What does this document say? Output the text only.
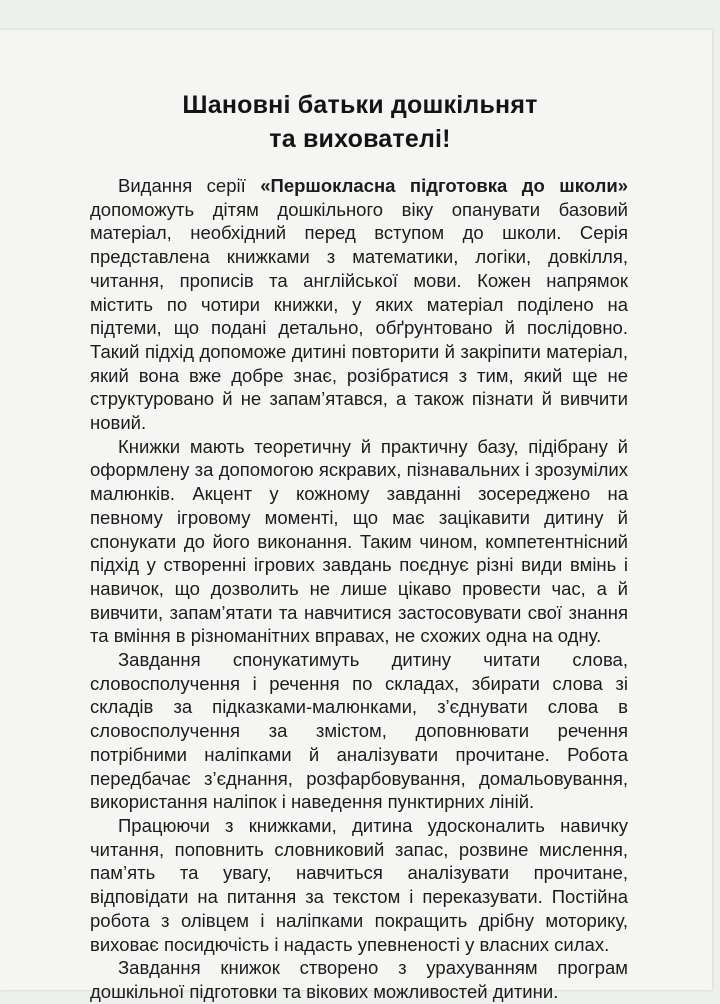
Шановні батьки дошкільнят
та вихователі!

Видання серії «Першокласна підготовка до школи» допоможуть дітям дошкільного віку опанувати базовий матеріал, необхідний перед вступом до школи. Серія представлена книжками з математики, логіки, довкілля, читання, прописів та англійської мови. Кожен напрямок містить по чотири книжки, у яких матеріал поділено на підтеми, що подані детально, обґрунтовано й послідовно. Такий підхід допоможе дитині повторити й закріпити матеріал, який вона вже добре знає, розібратися з тим, який ще не структуровано й не запам’ятався, а також пізнати й вивчити новий.

Книжки мають теоретичну й практичну базу, підібрану й оформлену за допомогою яскравих, пізнавальних і зрозумілих малюнків. Акцент у кожному завданні зосереджено на певному ігровому моменті, що має зацікавити дитину й спонукати до його виконання. Таким чином, компетентнісний підхід у створенні ігрових завдань поєднує різні види вмінь і навичок, що дозволить не лише цікаво провести час, а й вивчити, запам’ятати та навчитися застосовувати свої знання та вміння в різноманітних вправах, не схожих одна на одну.

Завдання спонукатимуть дитину читати слова, словосполучення і речення по складах, збирати слова зі складів за підказками-малюнками, з’єднувати слова в словосполучення за змістом, доповнювати речення потрібними наліпками й аналізувати прочитане. Робота передбачає з’єднання, розфарбовування, домальовування, використання наліпок і наведення пунктирних ліній.

Працюючи з книжками, дитина удосконалить навичку читання, поповнить словниковий запас, розвине мислення, пам’ять та увагу, навчиться аналізувати прочитане, відповідати на питання за текстом і переказувати. Постійна робота з олівцем і наліпками покращить дрібну моторику, виховає посидючість і надасть упевненості у власних силах.

Завдання книжок створено з урахуванням програм дошкільної підготовки та вікових можливостей дитини.
